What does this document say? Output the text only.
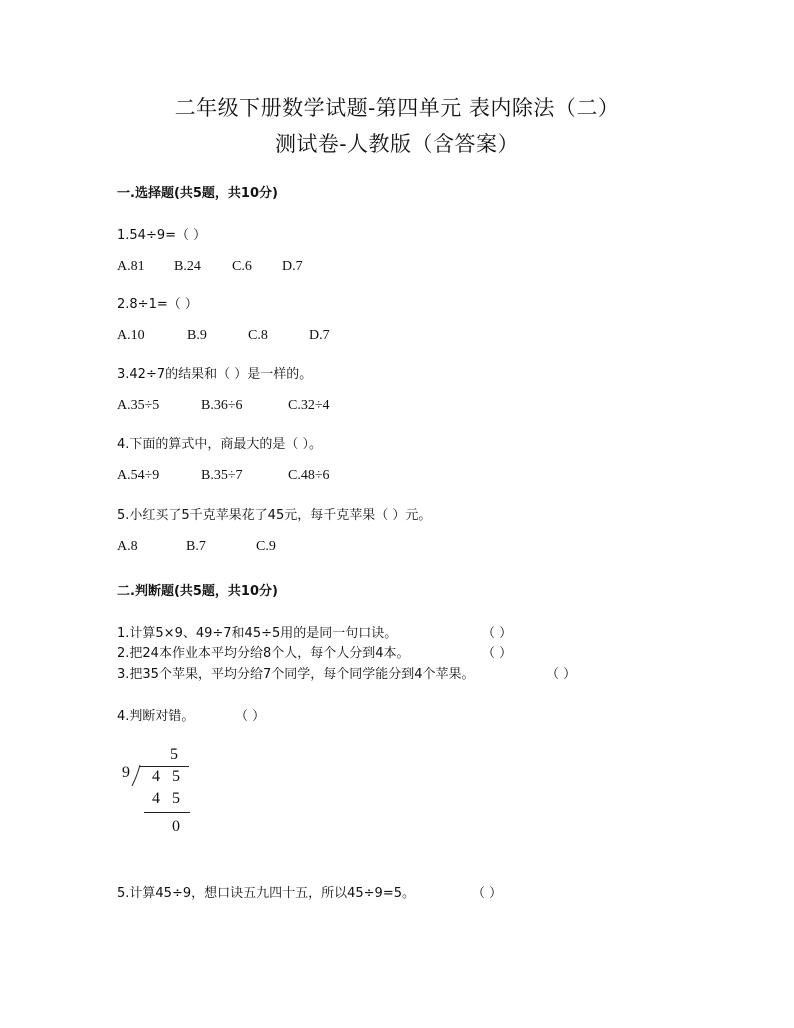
二年级下册数学试题-第四单元 表内除法（二）
测试卷-人教版（含答案）
一.选择题(共5题，共10分)
1.54÷9=（ ）
A.81	B.24	C.6	D.7
2.8÷1=（ ）
A.10	B.9	C.8	D.7
3.42÷7的结果和（ ）是一样的。
A.35÷5	B.36÷6	C.32÷4
4.下面的算式中，商最大的是（ ）。
A.54÷9	B.35÷7	C.48÷6
5.小红买了5千克苹果花了45元，每千克苹果（ ）元。
A.8	B.7	C.9
二.判断题(共5题，共10分)
1.计算5×9、49÷7和45÷5用的是同一句口诀。	（ ）
2.把24本作业本平均分给8个人，每个人分到4本。	（ ）
3.把35个苹果，平均分给7个同学，每个同学能分到4个苹果。	（ ）
4.判断对错。	（ ）
5
9 4 5
4 5
0
5.计算45÷9，想口诀五九四十五，所以45÷9=5。	（ ）
